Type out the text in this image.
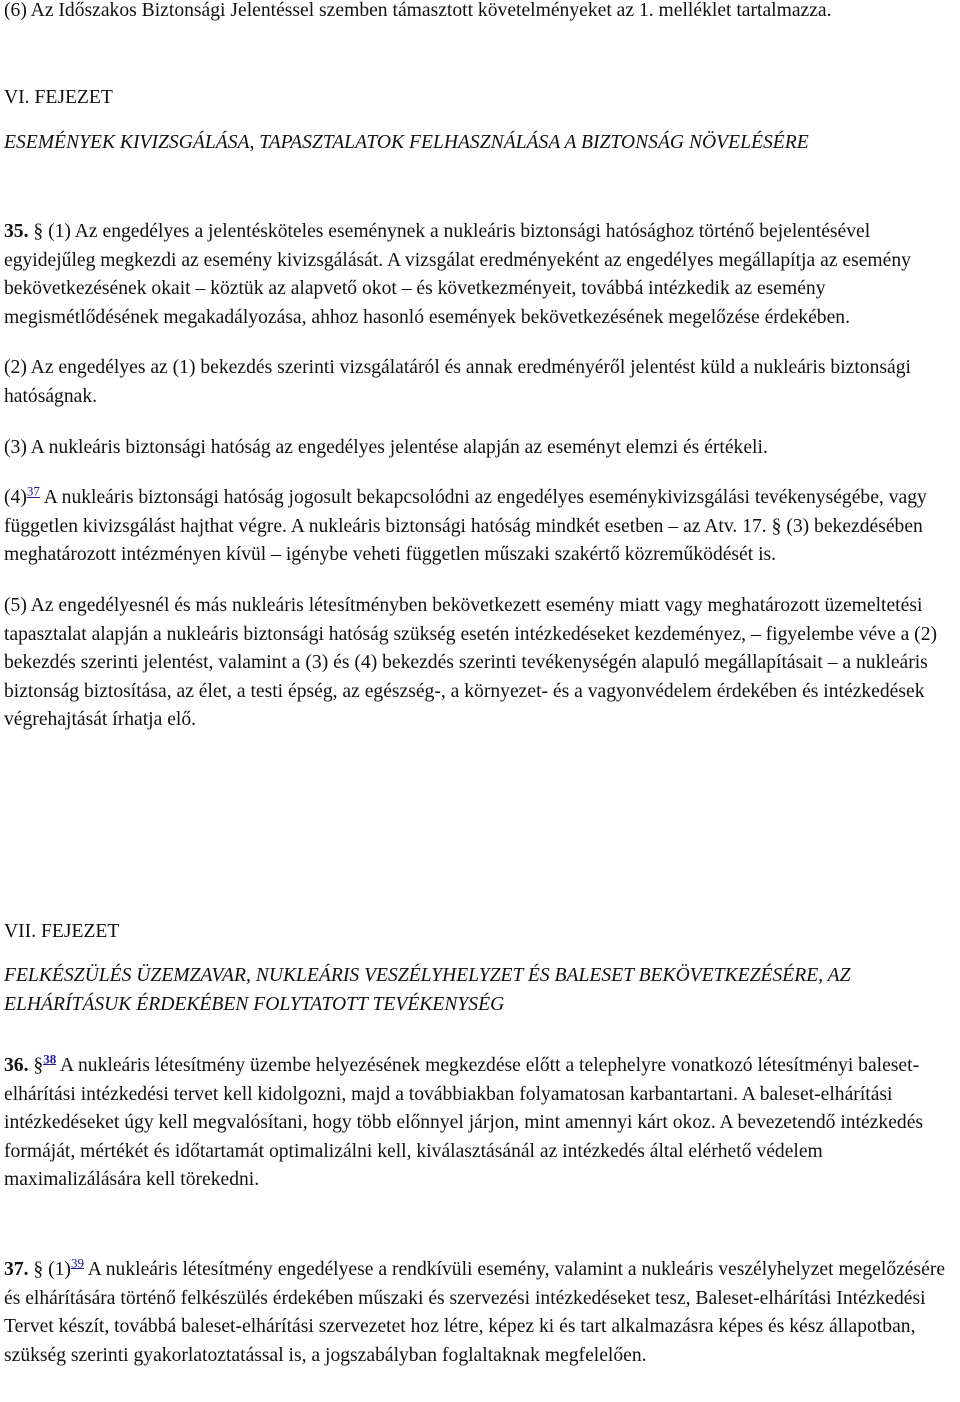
(6) Az Időszakos Biztonsági Jelentéssel szemben támasztott követelményeket az 1. melléklet tartalmazza.

VI. FEJEZET

ESEMÉNYEK KIVIZSGÁLÁSA, TAPASZTALATOK FELHASZNÁLÁSA A BIZTONSÁG NÖVELÉSÉRE

35. § (1) Az engedélyes a jelentésköteles eseménynek a nukleáris biztonsági hatósághoz történő bejelentésével egyidejűleg megkezdi az esemény kivizsgálását. A vizsgálat eredményeként az engedélyes megállapítja az esemény bekövetkezésének okait – köztük az alapvető okot – és következményeit, továbbá intézkedik az esemény megismétlődésének megakadályozása, ahhoz hasonló események bekövetkezésének megelőzése érdekében.

(2) Az engedélyes az (1) bekezdés szerinti vizsgálatáról és annak eredményéről jelentést küld a nukleáris biztonsági hatóságnak.

(3) A nukleáris biztonsági hatóság az engedélyes jelentése alapján az eseményt elemzi és értékeli.

(4)$^{37}$ A nukleáris biztonsági hatóság jogosult bekapcsolódni az engedélyes eseménykivizsgálási tevékenységébe, vagy független kivizsgálást hajthat végre. A nukleáris biztonsági hatóság mindkét esetben – az Atv. 17. § (3) bekezdésében meghatározott intézményen kívül – igénybe veheti független műszaki szakértő közreműködését is.

(5) Az engedélyesnél és más nukleáris létesítményben bekövetkezett esemény miatt vagy meghatározott üzemeltetési tapasztalat alapján a nukleáris biztonsági hatóság szükség esetén intézkedéseket kezdeményez, – figyelembe véve a (2) bekezdés szerinti jelentést, valamint a (3) és (4) bekezdés szerinti tevékenységén alapuló megállapításait – a nukleáris biztonság biztosítása, az élet, a testi épség, az egészség-, a környezet- és a vagyonvédelem érdekében és intézkedések végrehajtását írhatja elő.

VII. FEJEZET

FELKÉSZÜLÉS ÜZEMZAVAR, NUKLEÁRIS VESZÉLYHELYZET ÉS BALESET BEKÖVETKEZÉSÉRE, AZ ELHÁRÍTÁSUK ÉRDEKÉBEN FOLYTATOTT TEVÉKENYSÉG

36. §$^{38}$ A nukleáris létesítmény üzembe helyezésének megkezdése előtt a telephelyre vonatkozó létesítményi baleset-elhárítási intézkedési tervet kell kidolgozni, majd a továbbiakban folyamatosan karbantartani. A baleset-elhárítási intézkedéseket úgy kell megvalósítani, hogy több előnnyel járjon, mint amennyi kárt okoz. A bevezetendő intézkedés formáját, mértékét és időtartamát optimalizálni kell, kiválasztásánál az intézkedés által elérhető védelem maximalizálására kell törekedni.

37. § (1)$^{39}$ A nukleáris létesítmény engedélyese a rendkívüli esemény, valamint a nukleáris veszélyhelyzet megelőzésére és elhárítására történő felkészülés érdekében műszaki és szervezési intézkedéseket tesz, Baleset-elhárítási Intézkedési Tervet készít, továbbá baleset-elhárítási szervezetet hoz létre, képez ki és tart alkalmazásra képes és kész állapotban, szükség szerinti gyakorlatoztatással is, a jogszabályban foglaltaknak megfelelően.
